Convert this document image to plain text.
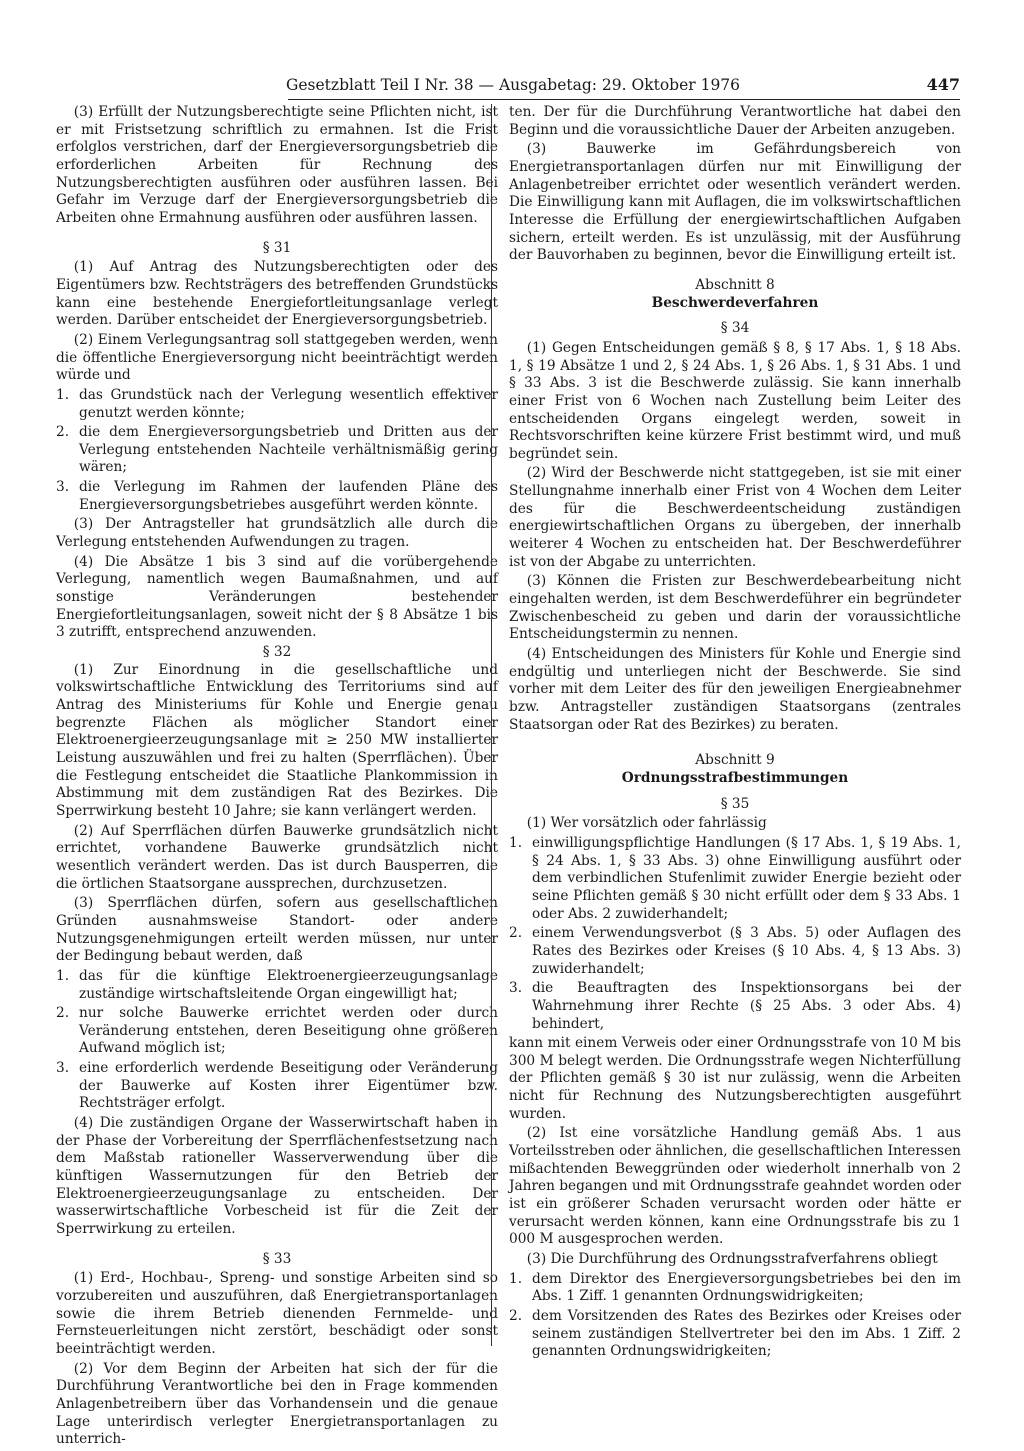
Gesetzblatt Teil I Nr. 38 — Ausgabetag: 29. Oktober 1976	447

(3) Erfüllt der Nutzungsberechtigte seine Pflichten nicht, ist er mit Fristsetzung schriftlich zu ermahnen. Ist die Frist erfolglos verstrichen, darf der Energieversorgungsbetrieb die erforderlichen Arbeiten für Rechnung des Nutzungsberechtigten ausführen oder ausführen lassen. Bei Gefahr im Verzuge darf der Energieversorgungsbetrieb die Arbeiten ohne Ermahnung ausführen oder ausführen lassen.

§ 31

(1) Auf Antrag des Nutzungsberechtigten oder des Eigentümers bzw. Rechtsträgers des betreffenden Grundstücks kann eine bestehende Energiefortleitungsanlage verlegt werden. Darüber entscheidet der Energieversorgungsbetrieb.

(2) Einem Verlegungsantrag soll stattgegeben werden, wenn die öffentliche Energieversorgung nicht beeinträchtigt werden würde und

1. das Grundstück nach der Verlegung wesentlich effektiver genutzt werden könnte;
2. die dem Energieversorgungsbetrieb und Dritten aus der Verlegung entstehenden Nachteile verhältnismäßig gering wären;
3. die Verlegung im Rahmen der laufenden Pläne des Energieversorgungsbetriebes ausgeführt werden könnte.

(3) Der Antragsteller hat grundsätzlich alle durch die Verlegung entstehenden Aufwendungen zu tragen.

(4) Die Absätze 1 bis 3 sind auf die vorübergehende Verlegung, namentlich wegen Baumaßnahmen, und auf sonstige Veränderungen bestehender Energiefortleitungsanlagen, soweit nicht der § 8 Absätze 1 bis 3 zutrifft, entsprechend anzuwenden.

§ 32

(1) Zur Einordnung in die gesellschaftliche und volkswirtschaftliche Entwicklung des Territoriums sind auf Antrag des Ministeriums für Kohle und Energie genau begrenzte Flächen als möglicher Standort einer Elektroenergieerzeugungsanlage mit ≥ 250 MW installierter Leistung auszuwählen und frei zu halten (Sperrflächen). Über die Festlegung entscheidet die Staatliche Plankommission in Abstimmung mit dem zuständigen Rat des Bezirkes. Die Sperrwirkung besteht 10 Jahre; sie kann verlängert werden.

(2) Auf Sperrflächen dürfen Bauwerke grundsätzlich nicht errichtet, vorhandene Bauwerke grundsätzlich nicht wesentlich verändert werden. Das ist durch Bausperren, die die örtlichen Staatsorgane aussprechen, durchzusetzen.

(3) Sperrflächen dürfen, sofern aus gesellschaftlichen Gründen ausnahmsweise Standort- oder andere Nutzungsgenehmigungen erteilt werden müssen, nur unter der Bedingung bebaut werden, daß

1. das für die künftige Elektroenergieerzeugungsanlage zuständige wirtschaftsleitende Organ eingewilligt hat;
2. nur solche Bauwerke errichtet werden oder durch Veränderung entstehen, deren Beseitigung ohne größeren Aufwand möglich ist;
3. eine erforderlich werdende Beseitigung oder Veränderung der Bauwerke auf Kosten ihrer Eigentümer bzw. Rechtsträger erfolgt.

(4) Die zuständigen Organe der Wasserwirtschaft haben in der Phase der Vorbereitung der Sperrflächenfestsetzung nach dem Maßstab rationeller Wasserverwendung über die künftigen Wassernutzungen für den Betrieb der Elektroenergieerzeugungsanlage zu entscheiden. Der wasserwirtschaftliche Vorbescheid ist für die Zeit der Sperrwirkung zu erteilen.

§ 33

(1) Erd-, Hochbau-, Spreng- und sonstige Arbeiten sind so vorzubereiten und auszuführen, daß Energietransportanlagen sowie die ihrem Betrieb dienenden Fernmelde- und Fernsteuerleitungen nicht zerstört, beschädigt oder sonst beeinträchtigt werden.

(2) Vor dem Beginn der Arbeiten hat sich der für die Durchführung Verantwortliche bei den in Frage kommenden Anlagenbetreibern über das Vorhandensein und die genaue Lage unterirdisch verlegter Energietransportanlagen zu unterrich-

ten. Der für die Durchführung Verantwortliche hat dabei den Beginn und die voraussichtliche Dauer der Arbeiten anzugeben.

(3) Bauwerke im Gefährdungsbereich von Energietransportanlagen dürfen nur mit Einwilligung der Anlagenbetreiber errichtet oder wesentlich verändert werden. Die Einwilligung kann mit Auflagen, die im volkswirtschaftlichen Interesse die Erfüllung der energiewirtschaftlichen Aufgaben sichern, erteilt werden. Es ist unzulässig, mit der Ausführung der Bauvorhaben zu beginnen, bevor die Einwilligung erteilt ist.

Abschnitt 8
Beschwerdeverfahren
§ 34

(1) Gegen Entscheidungen gemäß § 8, § 17 Abs. 1, § 18 Abs. 1, § 19 Absätze 1 und 2, § 24 Abs. 1, § 26 Abs. 1, § 31 Abs. 1 und § 33 Abs. 3 ist die Beschwerde zulässig. Sie kann innerhalb einer Frist von 6 Wochen nach Zustellung beim Leiter des entscheidenden Organs eingelegt werden, soweit in Rechtsvorschriften keine kürzere Frist bestimmt wird, und muß begründet sein.

(2) Wird der Beschwerde nicht stattgegeben, ist sie mit einer Stellungnahme innerhalb einer Frist von 4 Wochen dem Leiter des für die Beschwerdeentscheidung zuständigen energiewirtschaftlichen Organs zu übergeben, der innerhalb weiterer 4 Wochen zu entscheiden hat. Der Beschwerdeführer ist von der Abgabe zu unterrichten.

(3) Können die Fristen zur Beschwerdebearbeitung nicht eingehalten werden, ist dem Beschwerdeführer ein begründeter Zwischenbescheid zu geben und darin der voraussichtliche Entscheidungstermin zu nennen.

(4) Entscheidungen des Ministers für Kohle und Energie sind endgültig und unterliegen nicht der Beschwerde. Sie sind vorher mit dem Leiter des für den jeweiligen Energieabnehmer bzw. Antragsteller zuständigen Staatsorgans (zentrales Staatsorgan oder Rat des Bezirkes) zu beraten.

Abschnitt 9
Ordnungsstrafbestimmungen
§ 35

(1) Wer vorsätzlich oder fahrlässig

1. einwilligungspflichtige Handlungen (§ 17 Abs. 1, § 19 Abs. 1, § 24 Abs. 1, § 33 Abs. 3) ohne Einwilligung ausführt oder dem verbindlichen Stufenlimit zuwider Energie bezieht oder seine Pflichten gemäß § 30 nicht erfüllt oder dem § 33 Abs. 1 oder Abs. 2 zuwiderhandelt;
2. einem Verwendungsverbot (§ 3 Abs. 5) oder Auflagen des Rates des Bezirkes oder Kreises (§ 10 Abs. 4, § 13 Abs. 3) zuwiderhandelt;
3. die Beauftragten des Inspektionsorgans bei der Wahrnehmung ihrer Rechte (§ 25 Abs. 3 oder Abs. 4) behindert,

kann mit einem Verweis oder einer Ordnungsstrafe von 10 M bis 300 M belegt werden. Die Ordnungsstrafe wegen Nichterfüllung der Pflichten gemäß § 30 ist nur zulässig, wenn die Arbeiten nicht für Rechnung des Nutzungsberechtigten ausgeführt wurden.

(2) Ist eine vorsätzliche Handlung gemäß Abs. 1 aus Vorteilsstreben oder ähnlichen, die gesellschaftlichen Interessen mißachtenden Beweggründen oder wiederholt innerhalb von 2 Jahren begangen und mit Ordnungsstrafe geahndet worden oder ist ein größerer Schaden verursacht worden oder hätte er verursacht werden können, kann eine Ordnungsstrafe bis zu 1 000 M ausgesprochen werden.

(3) Die Durchführung des Ordnungsstrafverfahrens obliegt

1. dem Direktor des Energieversorgungsbetriebes bei den im Abs. 1 Ziff. 1 genannten Ordnungswidrigkeiten;
2. dem Vorsitzenden des Rates des Bezirkes oder Kreises oder seinem zuständigen Stellvertreter bei den im Abs. 1 Ziff. 2 genannten Ordnungswidrigkeiten;
